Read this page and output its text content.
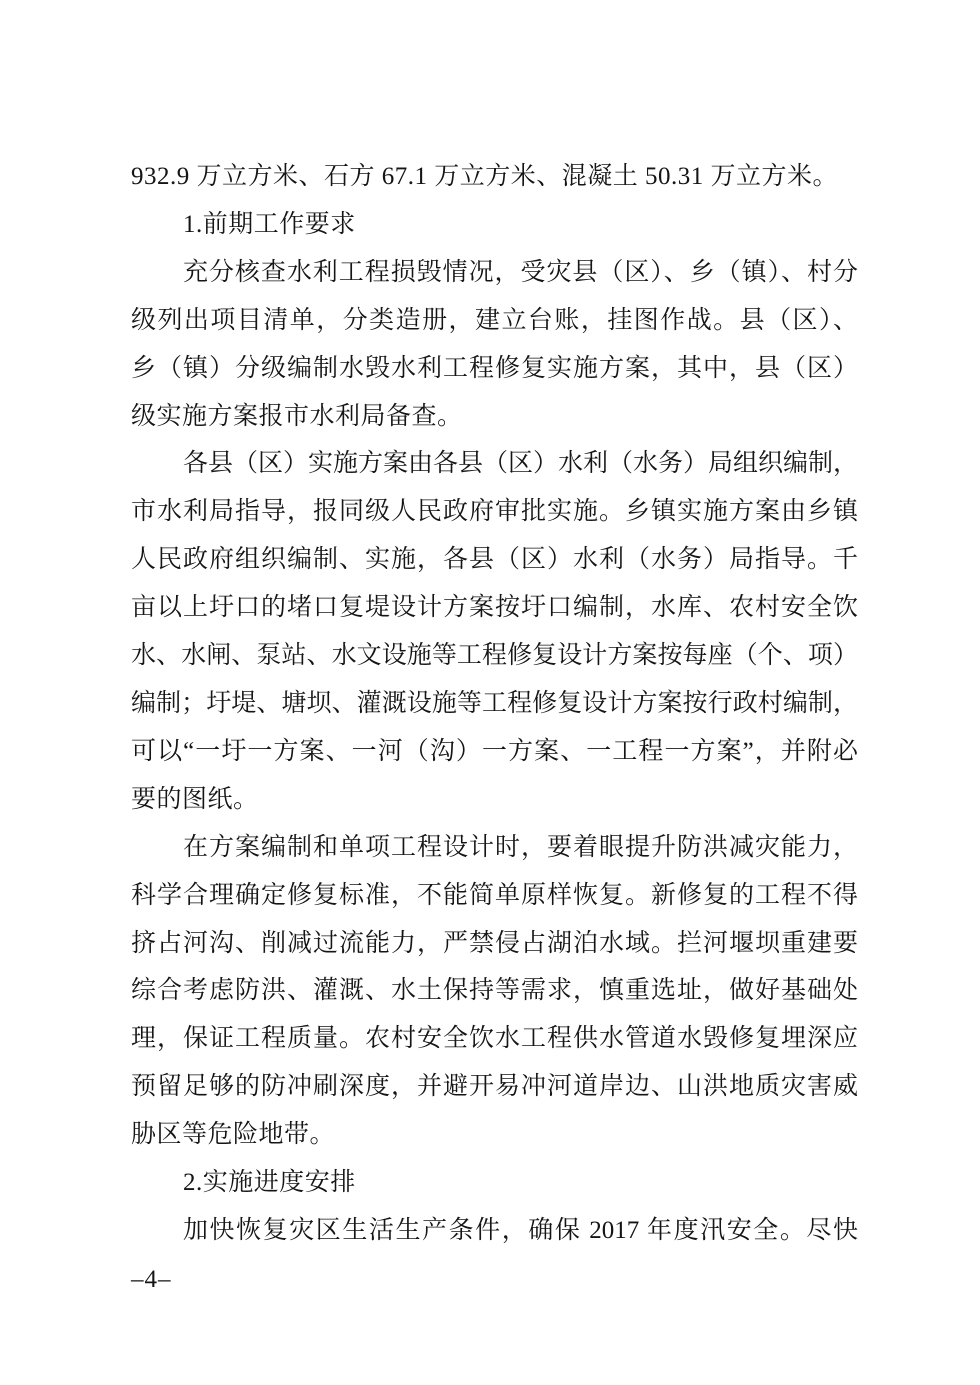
932.9 万立方米、石方 67.1 万立方米、混凝土 50.31 万立方米。
1.前期工作要求
充分核查水利工程损毁情况，受灾县（区）、乡（镇）、村分
级列出项目清单，分类造册，建立台账，挂图作战。县（区）、
乡（镇）分级编制水毁水利工程修复实施方案，其中，县（区）
级实施方案报市水利局备查。
各县（区）实施方案由各县（区）水利（水务）局组织编制，
市水利局指导，报同级人民政府审批实施。乡镇实施方案由乡镇
人民政府组织编制、实施，各县（区）水利（水务）局指导。千
亩以上圩口的堵口复堤设计方案按圩口编制，水库、农村安全饮
水、水闸、泵站、水文设施等工程修复设计方案按每座（个、项）
编制；圩堤、塘坝、灌溉设施等工程修复设计方案按行政村编制，
可以“一圩一方案、一河（沟）一方案、一工程一方案”，并附必
要的图纸。
在方案编制和单项工程设计时，要着眼提升防洪减灾能力，
科学合理确定修复标准，不能简单原样恢复。新修复的工程不得
挤占河沟、削减过流能力，严禁侵占湖泊水域。拦河堰坝重建要
综合考虑防洪、灌溉、水土保持等需求，慎重选址，做好基础处
理，保证工程质量。农村安全饮水工程供水管道水毁修复埋深应
预留足够的防冲刷深度，并避开易冲河道岸边、山洪地质灾害威
胁区等危险地带。
2.实施进度安排
加快恢复灾区生活生产条件，确保 2017 年度汛安全。尽快
–4–
